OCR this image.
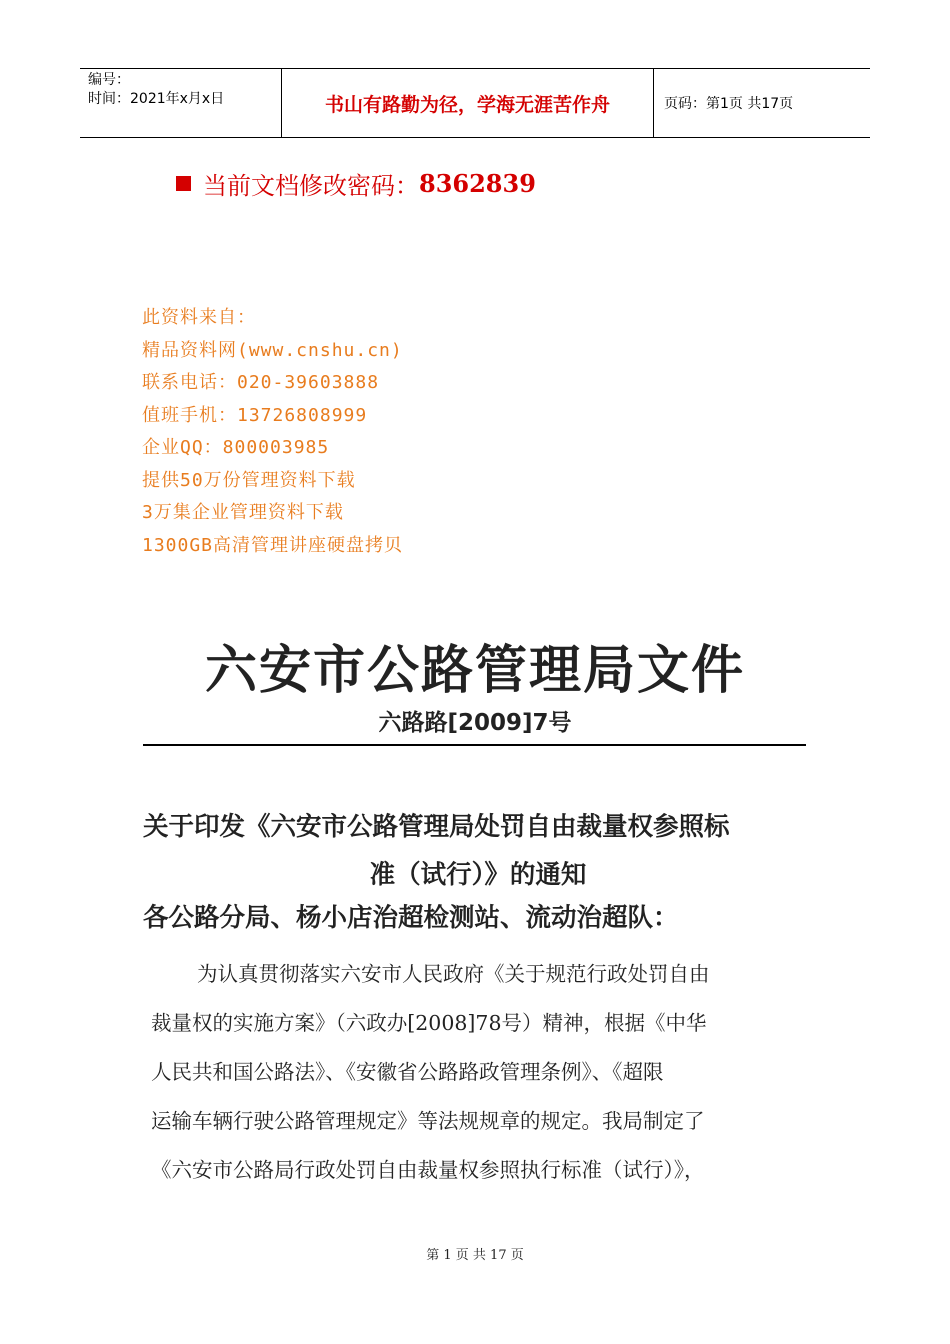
编号：
时间：2021年x月x日	书山有路勤为径，学海无涯苦作舟	页码：第1页 共17页
当前文档修改密码： 8362839
此资料来自：
精品资料网(www.cnshu.cn)
联系电话：020-39603888
值班手机：13726808999
企业QQ：800003985
提供50万份管理资料下载
3万集企业管理资料下载
1300GB高清管理讲座硬盘拷贝
六安市公路管理局文件
六路路[2009]7号
关于印发《六安市公路管理局处罚自由裁量权参照标
准（试行）》的通知
各公路分局、杨小店治超检测站、流动治超队：
为认真贯彻落实六安市人民政府《关于规范行政处罚自由
裁量权的实施方案》（六政办[2008]78号）精神，根据《中华
人民共和国公路法》、《安徽省公路路政管理条例》、《超限
运输车辆行驶公路管理规定》等法规规章的规定。我局制定了
《六安市公路局行政处罚自由裁量权参照执行标准（试行）》，
第 1 页 共 17 页
